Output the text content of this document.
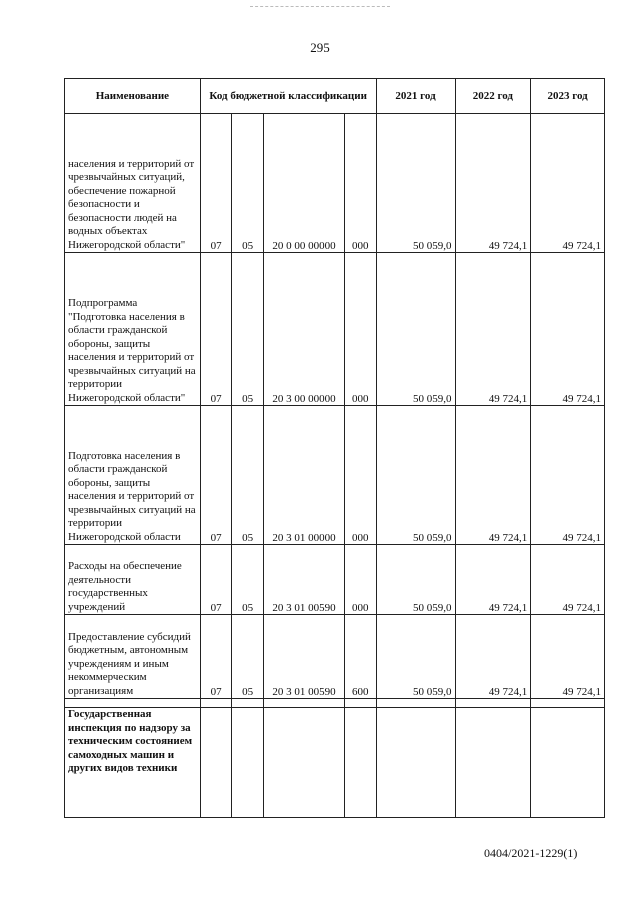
295
Наименование	Код бюджетной классификации				2021 год	2022 год	2023 год
населения и территорий от чрезвычайных ситуаций, обеспечение пожарной безопасности и безопасности людей на водных объектах Нижегородской области"	07	05	20 0 00 00000	000	50 059,0	49 724,1	49 724,1
Подпрограмма "Подготовка населения в области гражданской обороны, защиты населения и территорий от чрезвычайных ситуаций на территории Нижегородской области"	07	05	20 3 00 00000	000	50 059,0	49 724,1	49 724,1
Подготовка населения в области гражданской обороны, защиты населения и территорий от чрезвычайных ситуаций на территории Нижегородской области	07	05	20 3 01 00000	000	50 059,0	49 724,1	49 724,1
Расходы на обеспечение деятельности государственных учреждений	07	05	20 3 01 00590	000	50 059,0	49 724,1	49 724,1
Предоставление субсидий бюджетным, автономным учреждениям и иным некоммерческим организациям	07	05	20 3 01 00590	600	50 059,0	49 724,1	49 724,1

Государственная инспекция по надзору за техническим состоянием самоходных машин и других видов техники							
0404/2021-1229(1)
